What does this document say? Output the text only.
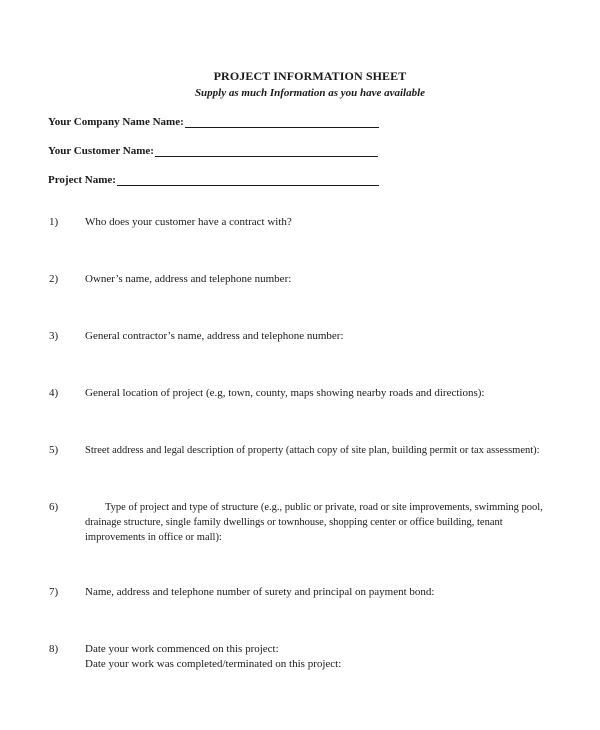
PROJECT INFORMATION SHEET
Supply as much Information as you have available
Your Company Name Name:
Your Customer Name:
Project Name:
1)	Who does your customer have a contract with?
2)	Owner’s name, address and telephone number:
3)	General contractor’s name, address and telephone number:
4)	General location of project (e.g, town, county, maps showing nearby roads and directions):
5)	Street address and legal description of property (attach copy of site plan, building permit or tax assessment):
6)	Type of project and type of structure (e.g., public or private, road or site improvements, swimming pool,
drainage structure, single family dwellings or townhouse, shopping center or office building, tenant
improvements in office or mall):
7)	Name, address and telephone number of surety and principal on payment bond:
8)	Date your work commenced on this project:
Date your work was completed/terminated on this project:
